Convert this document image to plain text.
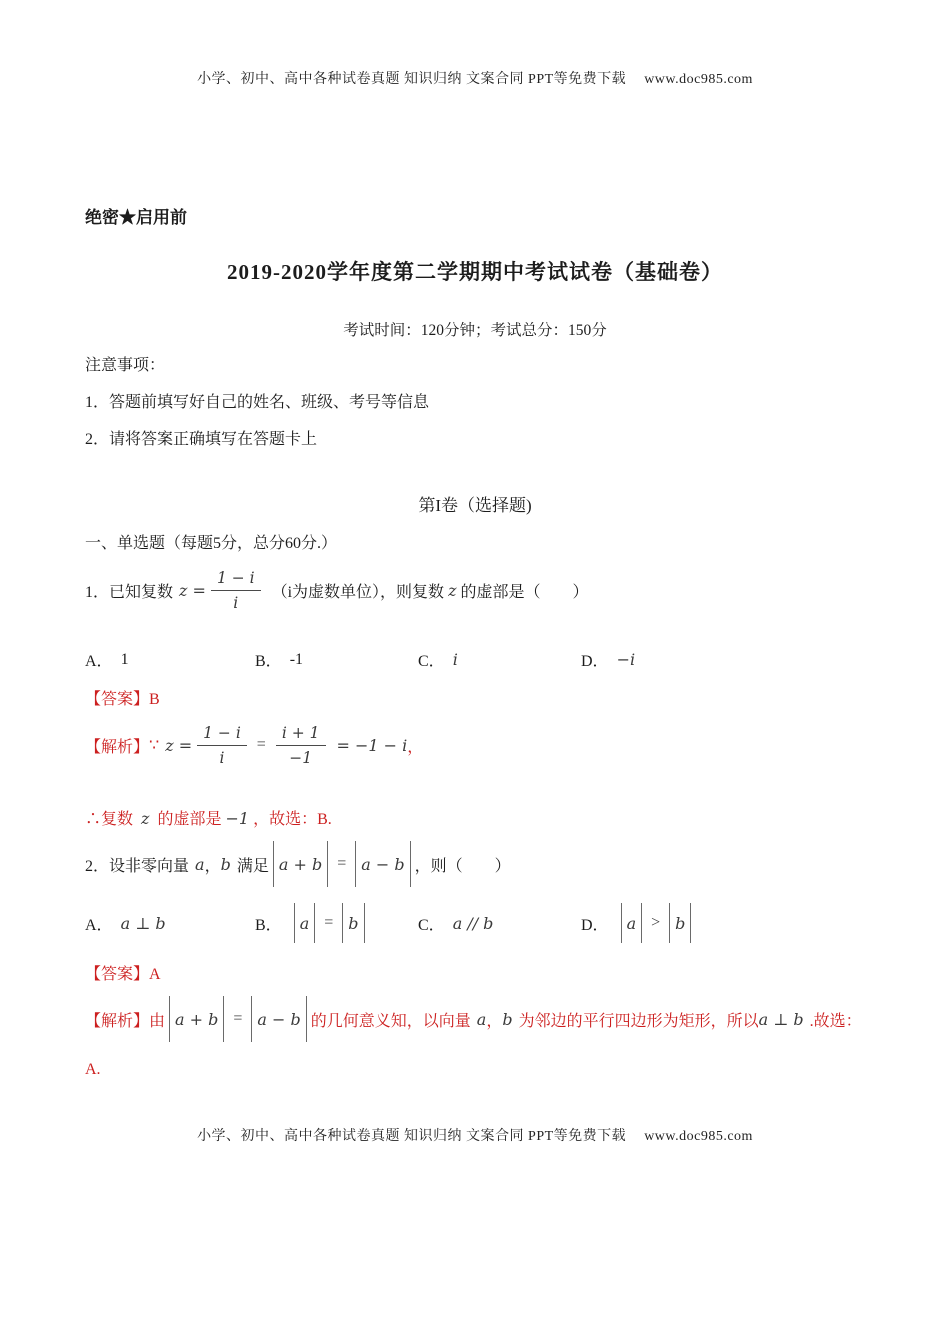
小学、初中、高中各种试卷真题 知识归纳 文案合同 PPT等免费下载 www.doc985.com
绝密★启用前
2019-2020学年度第二学期期中考试试卷（基础卷）
考试时间：120分钟；考试总分：150分
注意事项：
1．答题前填写好自己的姓名、班级、考号等信息
2．请将答案正确填写在答题卡上
第I卷（选择题)
一、单选题（每题5分，总分60分.）
1．已知复数 $z = \frac{1 - i}{i} (i$为虚数单位），则复数 z 的虚部是（　　）
A． 1	B． -1	C． i	D． −i
【答案】B
【解析】 ∵ $z = \frac{1 - i}{i} = \frac{i + 1}{-1} = -1 - i$ ，
∴复数 z 的虚部是 −1 ，故选：B.
2．设非零向量 a ， b 满足 a + b = a − b ，则（　　）
A． a ⊥ b	B．	a = b	C． a // b	D．	a > b
【答案】A
【解析】 由 a + b = a − b 的几何意义知，以向量 a ， b 为邻边的平行四边形为矩形，所以 a ⊥ b .故选：
A.
小学、初中、高中各种试卷真题 知识归纳 文案合同 PPT等免费下载 www.doc985.com
